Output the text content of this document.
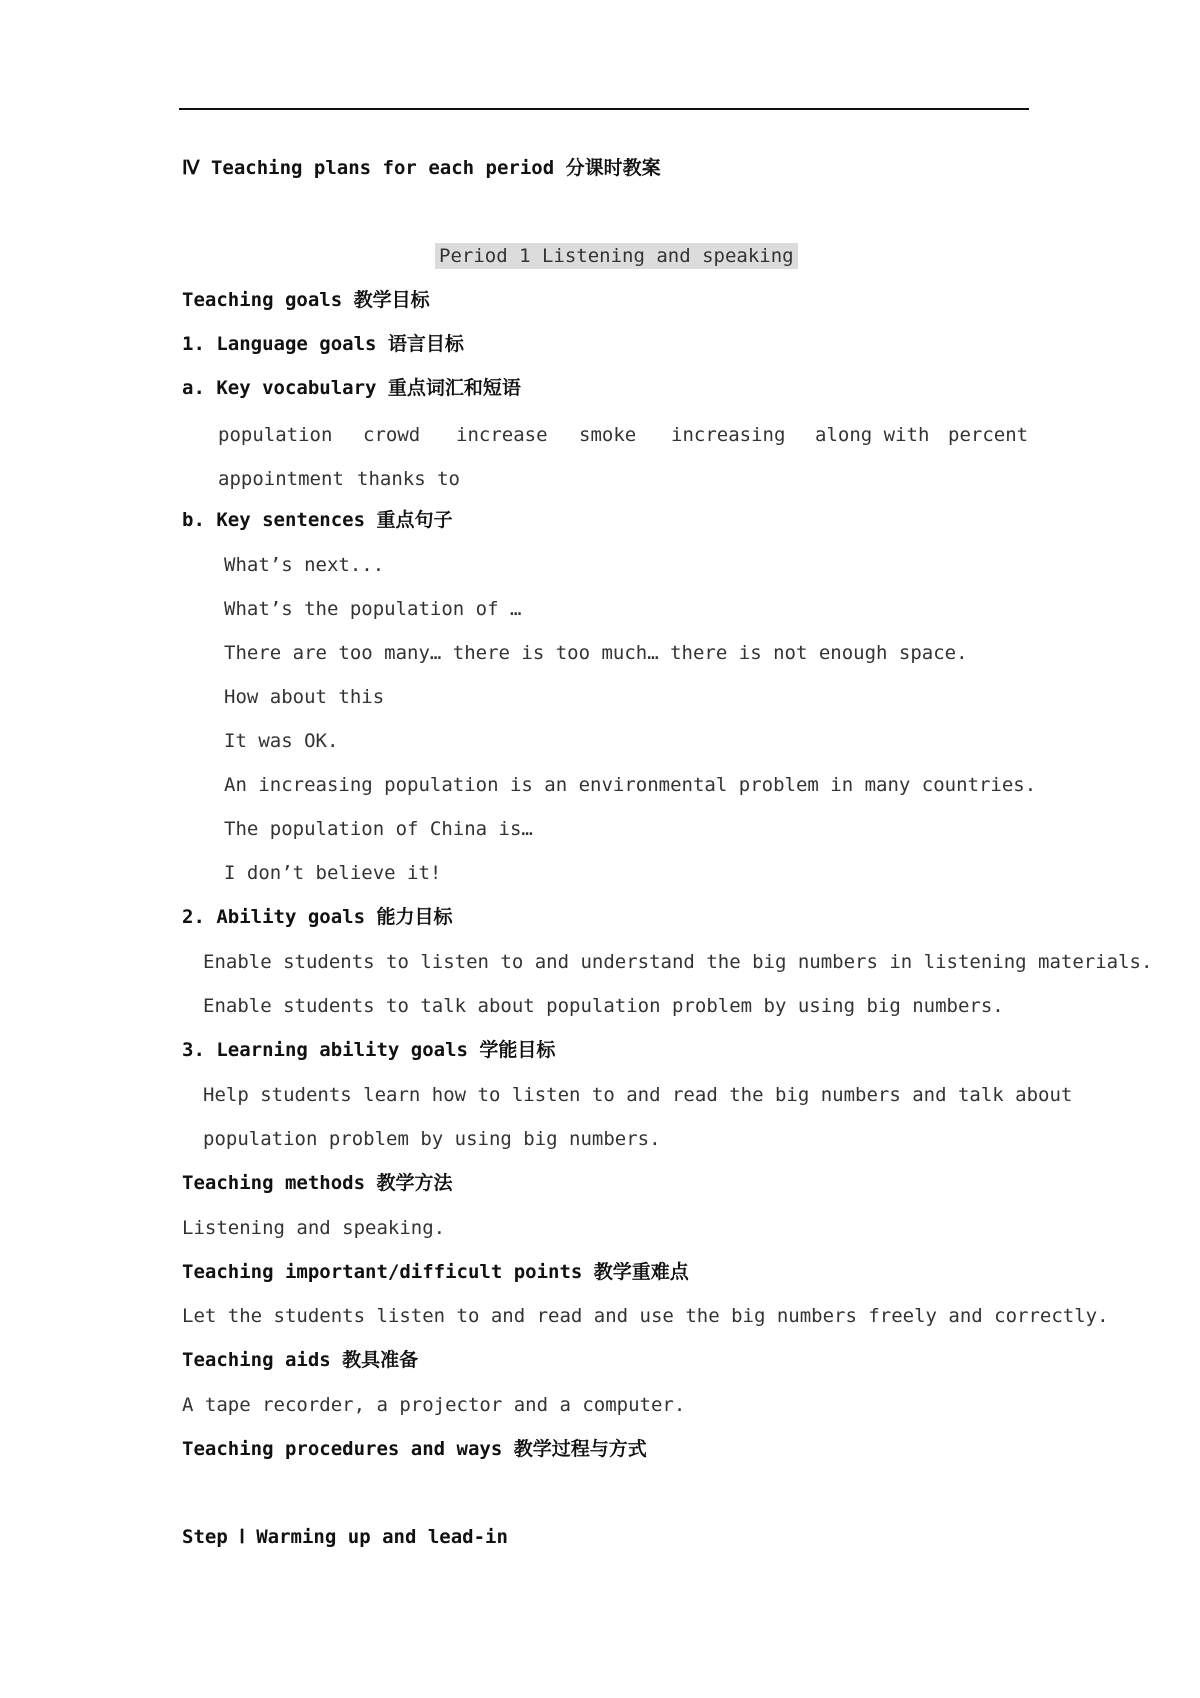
Ⅳ Teaching plans for each period 分课时教案
Period 1 Listening and speaking
Teaching goals 教学目标
1. Language goals 语言目标
a. Key vocabulary 重点词汇和短语
population crowd increase smoke increasing along with percent
appointment thanks to
b. Key sentences 重点句子
What’s next...
What’s the population of …
There are too many… there is too much… there is not enough space.
How about this
It was OK.
An increasing population is an environmental problem in many countries.
The population of China is…
I don’t believe it!
2. Ability goals 能力目标
Enable students to listen to and understand the big numbers in listening materials.
Enable students to talk about population problem by using big numbers.
3. Learning ability goals 学能目标
Help students learn how to listen to and read the big numbers and talk about
population problem by using big numbers.
Teaching methods 教学方法
Listening and speaking.
Teaching important/difficult points 教学重难点
Let the students listen to and read and use the big numbers freely and correctly.
Teaching aids 教具准备
A tape recorder, a projector and a computer.
Teaching procedures and ways 教学过程与方式
Step Ⅰ Warming up and lead-in
